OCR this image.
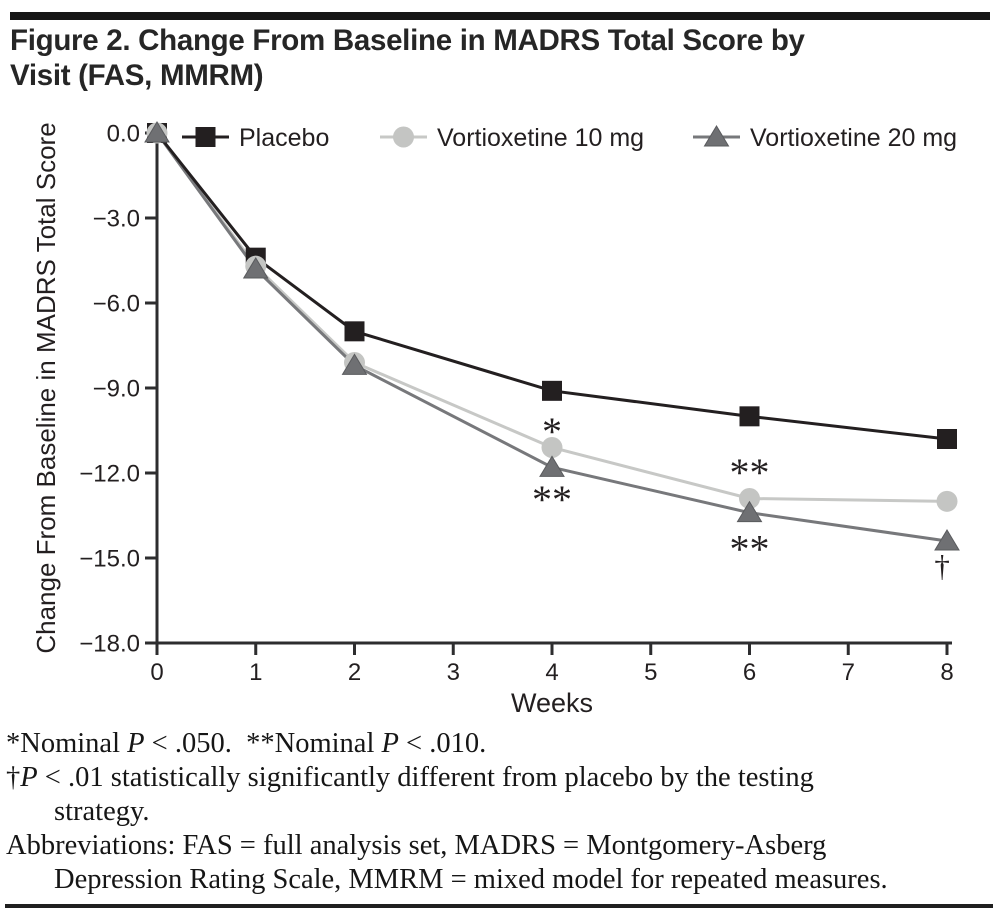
Figure 2. Change From Baseline in MADRS Total Score by
Visit (FAS, MMRM)
0.0
−3.0
−6.0
−9.0
−12.0
−15.0
−18.0
0	1	2	3	4	5	6	7	8
Weeks
Change From Baseline in MADRS Total Score	Placebo	Vortioxetine 10 mg	Vortioxetine 20 mg
*
**
**
**	†
*Nominal P < .050.  **Nominal P < .010.
†P < .01 statistically significantly different from placebo by the testing
strategy.
Abbreviations: FAS = full analysis set, MADRS = Montgomery-Asberg
Depression Rating Scale, MMRM = mixed model for repeated measures.
